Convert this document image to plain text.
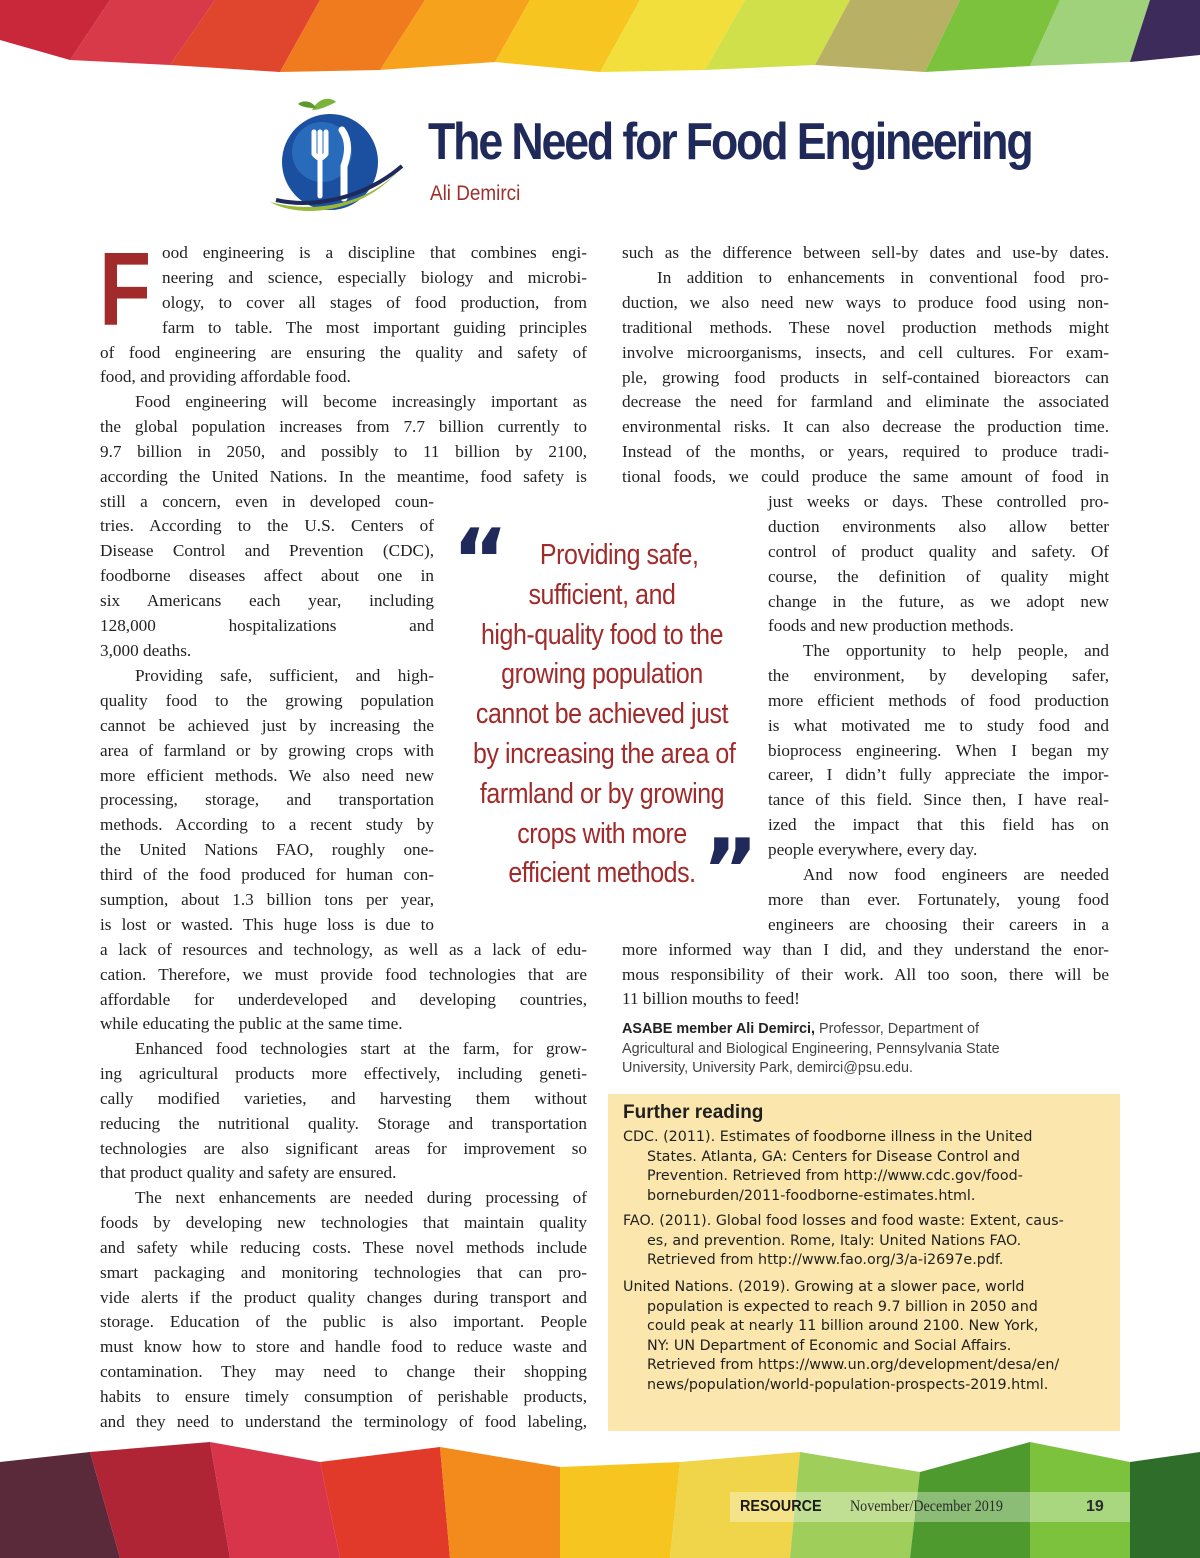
The Need for Food Engineering
Ali Demirci
F ood engineering is a discipline that combines engi-
neering and science, especially biology and microbi-
ology, to cover all stages of food production, from
farm to table. The most important guiding principles
of food engineering are ensuring the quality and safety of
food, and providing affordable food.
Food engineering will become increasingly important as
the global population increases from 7.7 billion currently to
9.7 billion in 2050, and possibly to 11 billion by 2100,
according the United Nations. In the meantime, food safety is
still a concern, even in developed coun-
tries. According to the U.S. Centers of
Disease Control and Prevention (CDC),
foodborne diseases affect about one in
six Americans each year, including
128,000 hospitalizations and
3,000 deaths.
Providing safe, sufficient, and high-
quality food to the growing population
cannot be achieved just by increasing the
area of farmland or by growing crops with
more efficient methods. We also need new
processing, storage, and transportation
methods. According to a recent study by
the United Nations FAO, roughly one-
third of the food produced for human con-
sumption, about 1.3 billion tons per year,
is lost or wasted. This huge loss is due to
a lack of resources and technology, as well as a lack of edu-
cation. Therefore, we must provide food technologies that are
affordable for underdeveloped and developing countries,
while educating the public at the same time.
Enhanced food technologies start at the farm, for grow-
ing agricultural products more effectively, including geneti-
cally modified varieties, and harvesting them without
reducing the nutritional quality. Storage and transportation
technologies are also significant areas for improvement so
that product quality and safety are ensured.
The next enhancements are needed during processing of
foods by developing new technologies that maintain quality
and safety while reducing costs. These novel methods include
smart packaging and monitoring technologies that can pro-
vide alerts if the product quality changes during transport and
storage. Education of the public is also important. People
must know how to store and handle food to reduce waste and
contamination. They may need to change their shopping
habits to ensure timely consumption of perishable products,
and they need to understand the terminology of food labeling,
such as the difference between sell-by dates and use-by dates.
In addition to enhancements in conventional food pro-
duction, we also need new ways to produce food using non-
traditional methods. These novel production methods might
involve microorganisms, insects, and cell cultures. For exam-
ple, growing food products in self-contained bioreactors can
decrease the need for farmland and eliminate the associated
environmental risks. It can also decrease the production time.
Instead of the months, or years, required to produce tradi-
tional foods, we could produce the same amount of food in
just weeks or days. These controlled pro-
duction environments also allow better
control of product quality and safety. Of
course, the definition of quality might
change in the future, as we adopt new
foods and new production methods.
The opportunity to help people, and
the environment, by developing safer,
more efficient methods of food production
is what motivated me to study food and
bioprocess engineering. When I began my
career, I didn’t fully appreciate the impor-
tance of this field. Since then, I have real-
ized the impact that this field has on
people everywhere, every day.
And now food engineers are needed
more than ever. Fortunately, young food
engineers are choosing their careers in a
more informed way than I did, and they understand the enor-
mous responsibility of their work. All too soon, there will be
11 billion mouths to feed!
“	Providing safe,
sufficient, and
high-quality food to the
growing population
cannot be achieved just
by increasing the area of
farmland or by growing
crops with more
efficient methods. ”
ASABE member Ali Demirci, Professor, Department of
Agricultural and Biological Engineering, Pennsylvania State
University, University Park, demirci@psu.edu.
Further reading
CDC. (2011). Estimates of foodborne illness in the United
States. Atlanta, GA: Centers for Disease Control and
Prevention. Retrieved from http://www.cdc.gov/food-
borneburden/2011-foodborne-estimates.html.
FAO. (2011). Global food losses and food waste: Extent, caus-
es, and prevention. Rome, Italy: United Nations FAO.
Retrieved from http://www.fao.org/3/a-i2697e.pdf.
United Nations. (2019). Growing at a slower pace, world
population is expected to reach 9.7 billion in 2050 and
could peak at nearly 11 billion around 2100. New York,
NY: UN Department of Economic and Social Affairs.
Retrieved from https://www.un.org/development/desa/en/
news/population/world-population-prospects-2019.html.
RESOURCE November/December 2019	19
